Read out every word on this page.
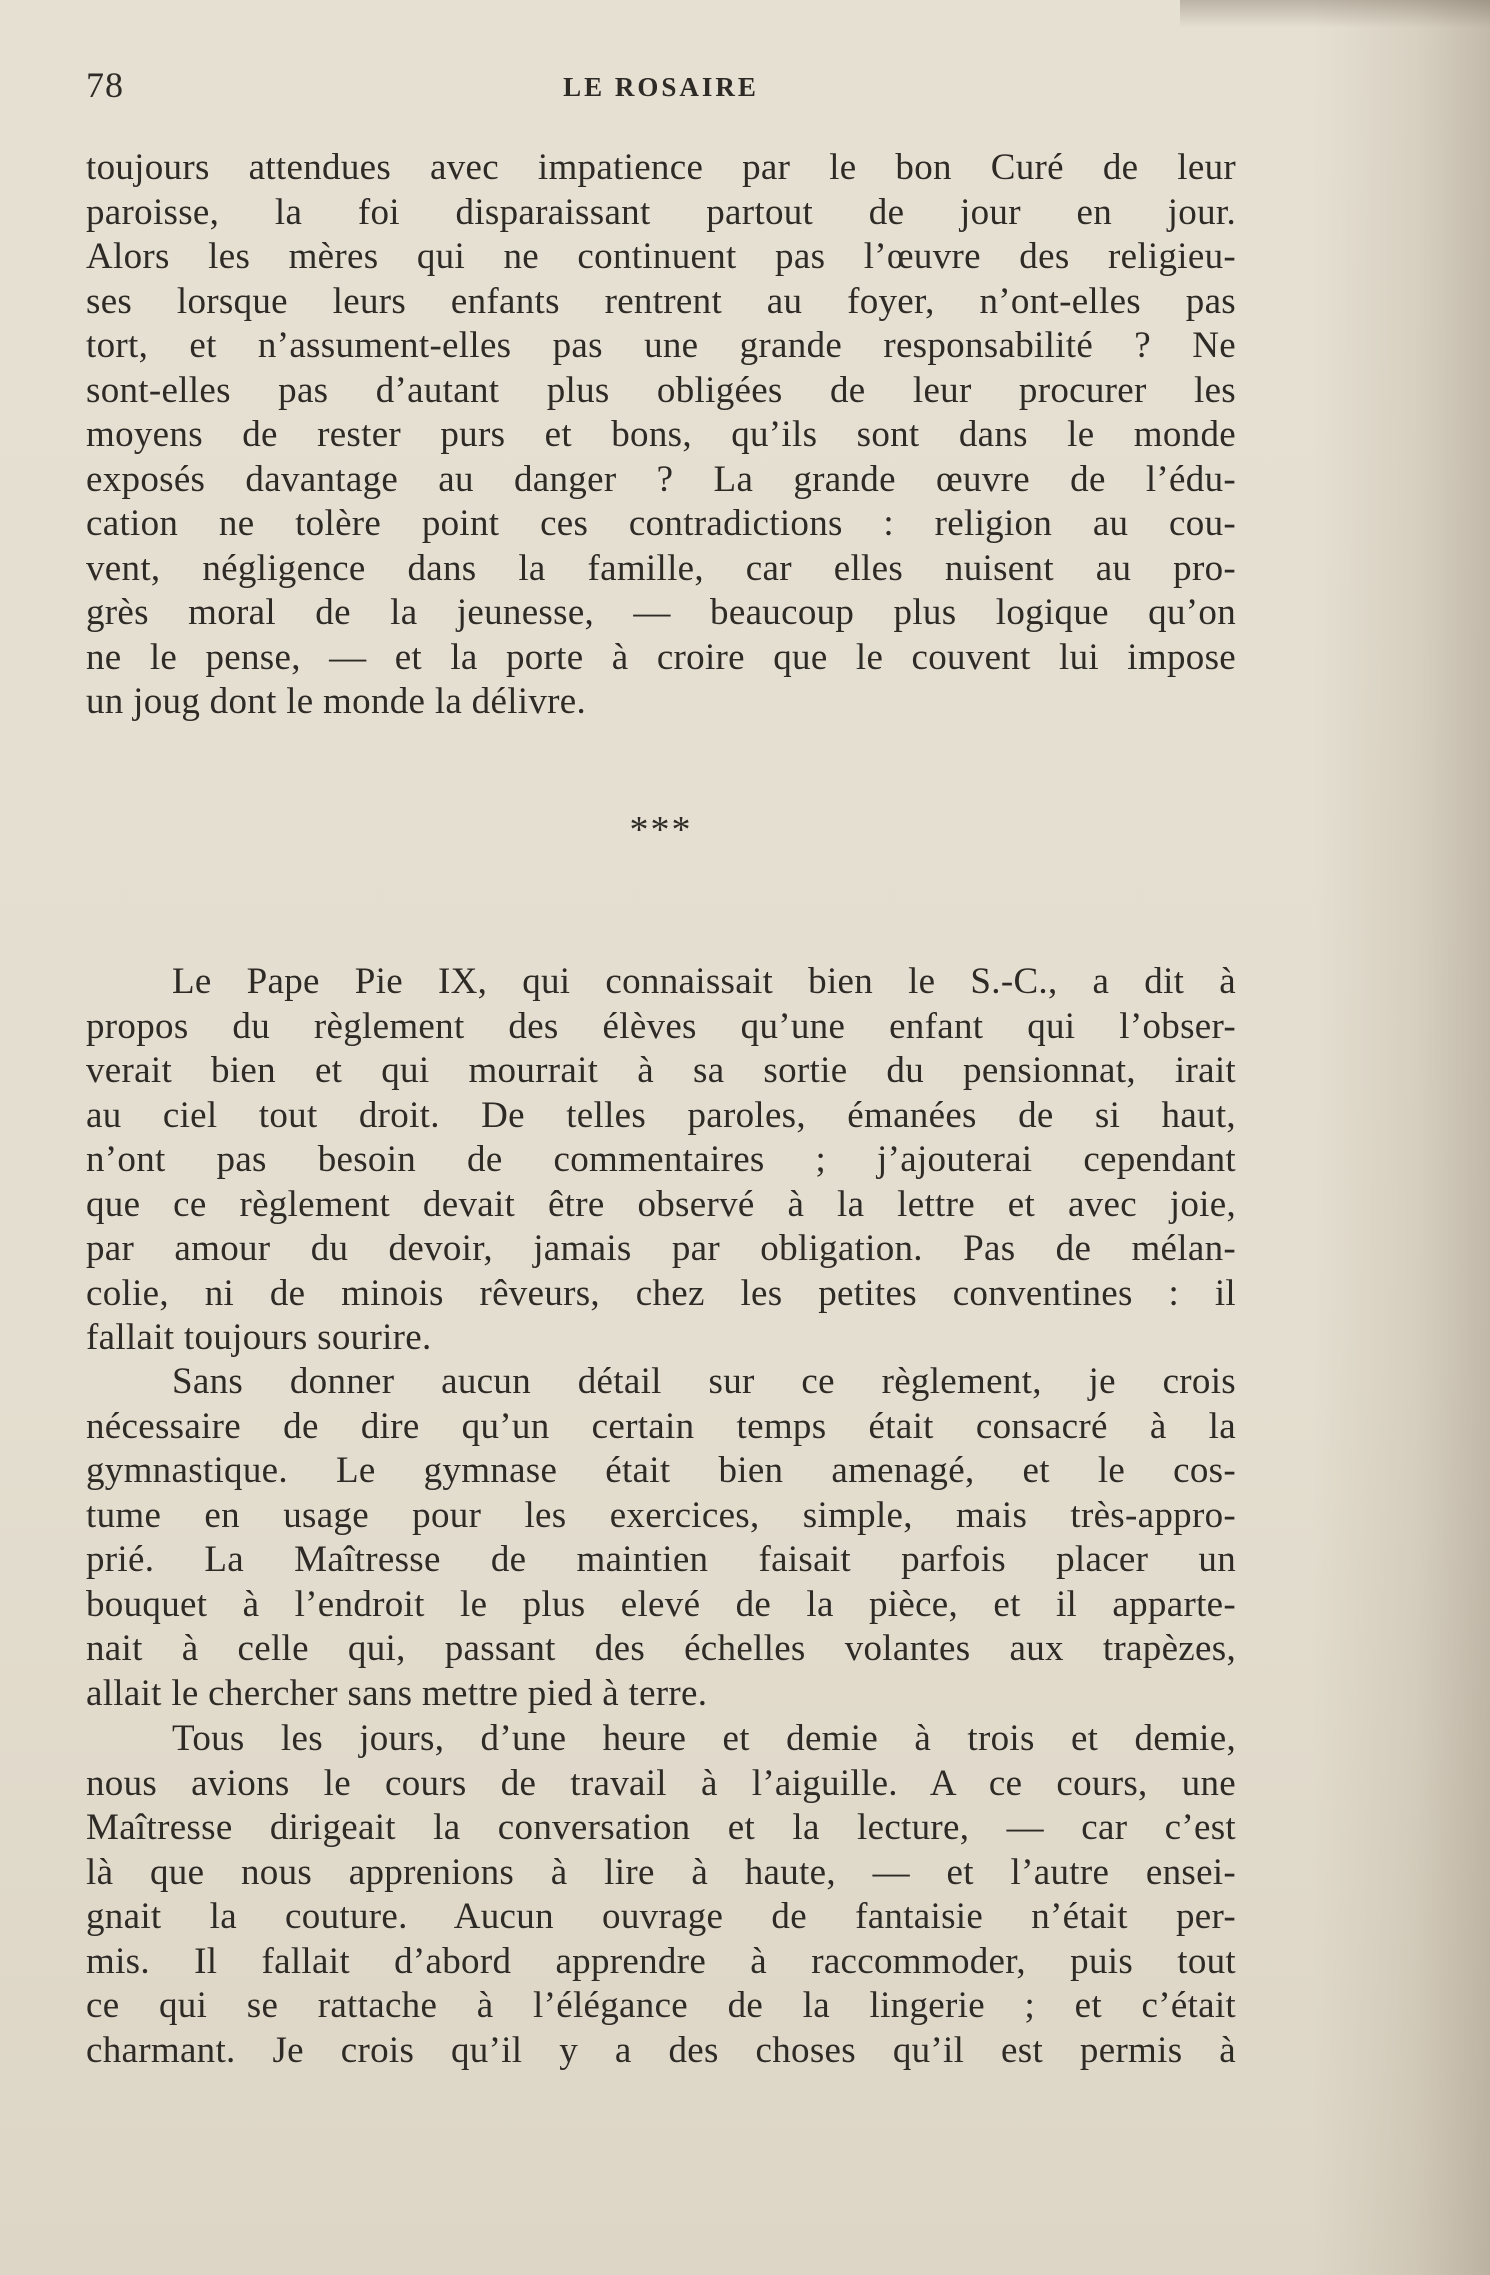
78	LE ROSAIRE
toujours attendues avec impatience par le bon Curé de leur
paroisse, la foi disparaissant partout de jour en jour.
Alors les mères qui ne continuent pas l’œuvre des religieu-
ses lorsque leurs enfants rentrent au foyer, n’ont-elles pas
tort, et n’assument-elles pas une grande responsabilité ? Ne
sont-elles pas d’autant plus obligées de leur procurer les
moyens de rester purs et bons, qu’ils sont dans le monde
exposés davantage au danger ? La grande œuvre de l’édu-
cation ne tolère point ces contradictions : religion au cou-
vent, négligence dans la famille, car elles nuisent au pro-
grès moral de la jeunesse, — beaucoup plus logique qu’on
ne le pense, — et la porte à croire que le couvent lui impose
un joug dont le monde la délivre.
***
Le Pape Pie IX, qui connaissait bien le S.-C., a dit à
propos du règlement des élèves qu’une enfant qui l’obser-
verait bien et qui mourrait à sa sortie du pensionnat, irait
au ciel tout droit. De telles paroles, émanées de si haut,
n’ont pas besoin de commentaires ; j’ajouterai cependant
que ce règlement devait être observé à la lettre et avec joie,
par amour du devoir, jamais par obligation. Pas de mélan-
colie, ni de minois rêveurs, chez les petites conventines : il
fallait toujours sourire.
Sans donner aucun détail sur ce règlement, je crois
nécessaire de dire qu’un certain temps était consacré à la
gymnastique. Le gymnase était bien amenagé, et le cos-
tume en usage pour les exercices, simple, mais très-appro-
prié. La Maîtresse de maintien faisait parfois placer un
bouquet à l’endroit le plus elevé de la pièce, et il apparte-
nait à celle qui, passant des échelles volantes aux trapèzes,
allait le chercher sans mettre pied à terre.
Tous les jours, d’une heure et demie à trois et demie,
nous avions le cours de travail à l’aiguille. A ce cours, une
Maîtresse dirigeait la conversation et la lecture, — car c’est
là que nous apprenions à lire à haute, — et l’autre ensei-
gnait la couture. Aucun ouvrage de fantaisie n’était per-
mis. Il fallait d’abord apprendre à raccommoder, puis tout
ce qui se rattache à l’élégance de la lingerie ; et c’était
charmant. Je crois qu’il y a des choses qu’il est permis à
